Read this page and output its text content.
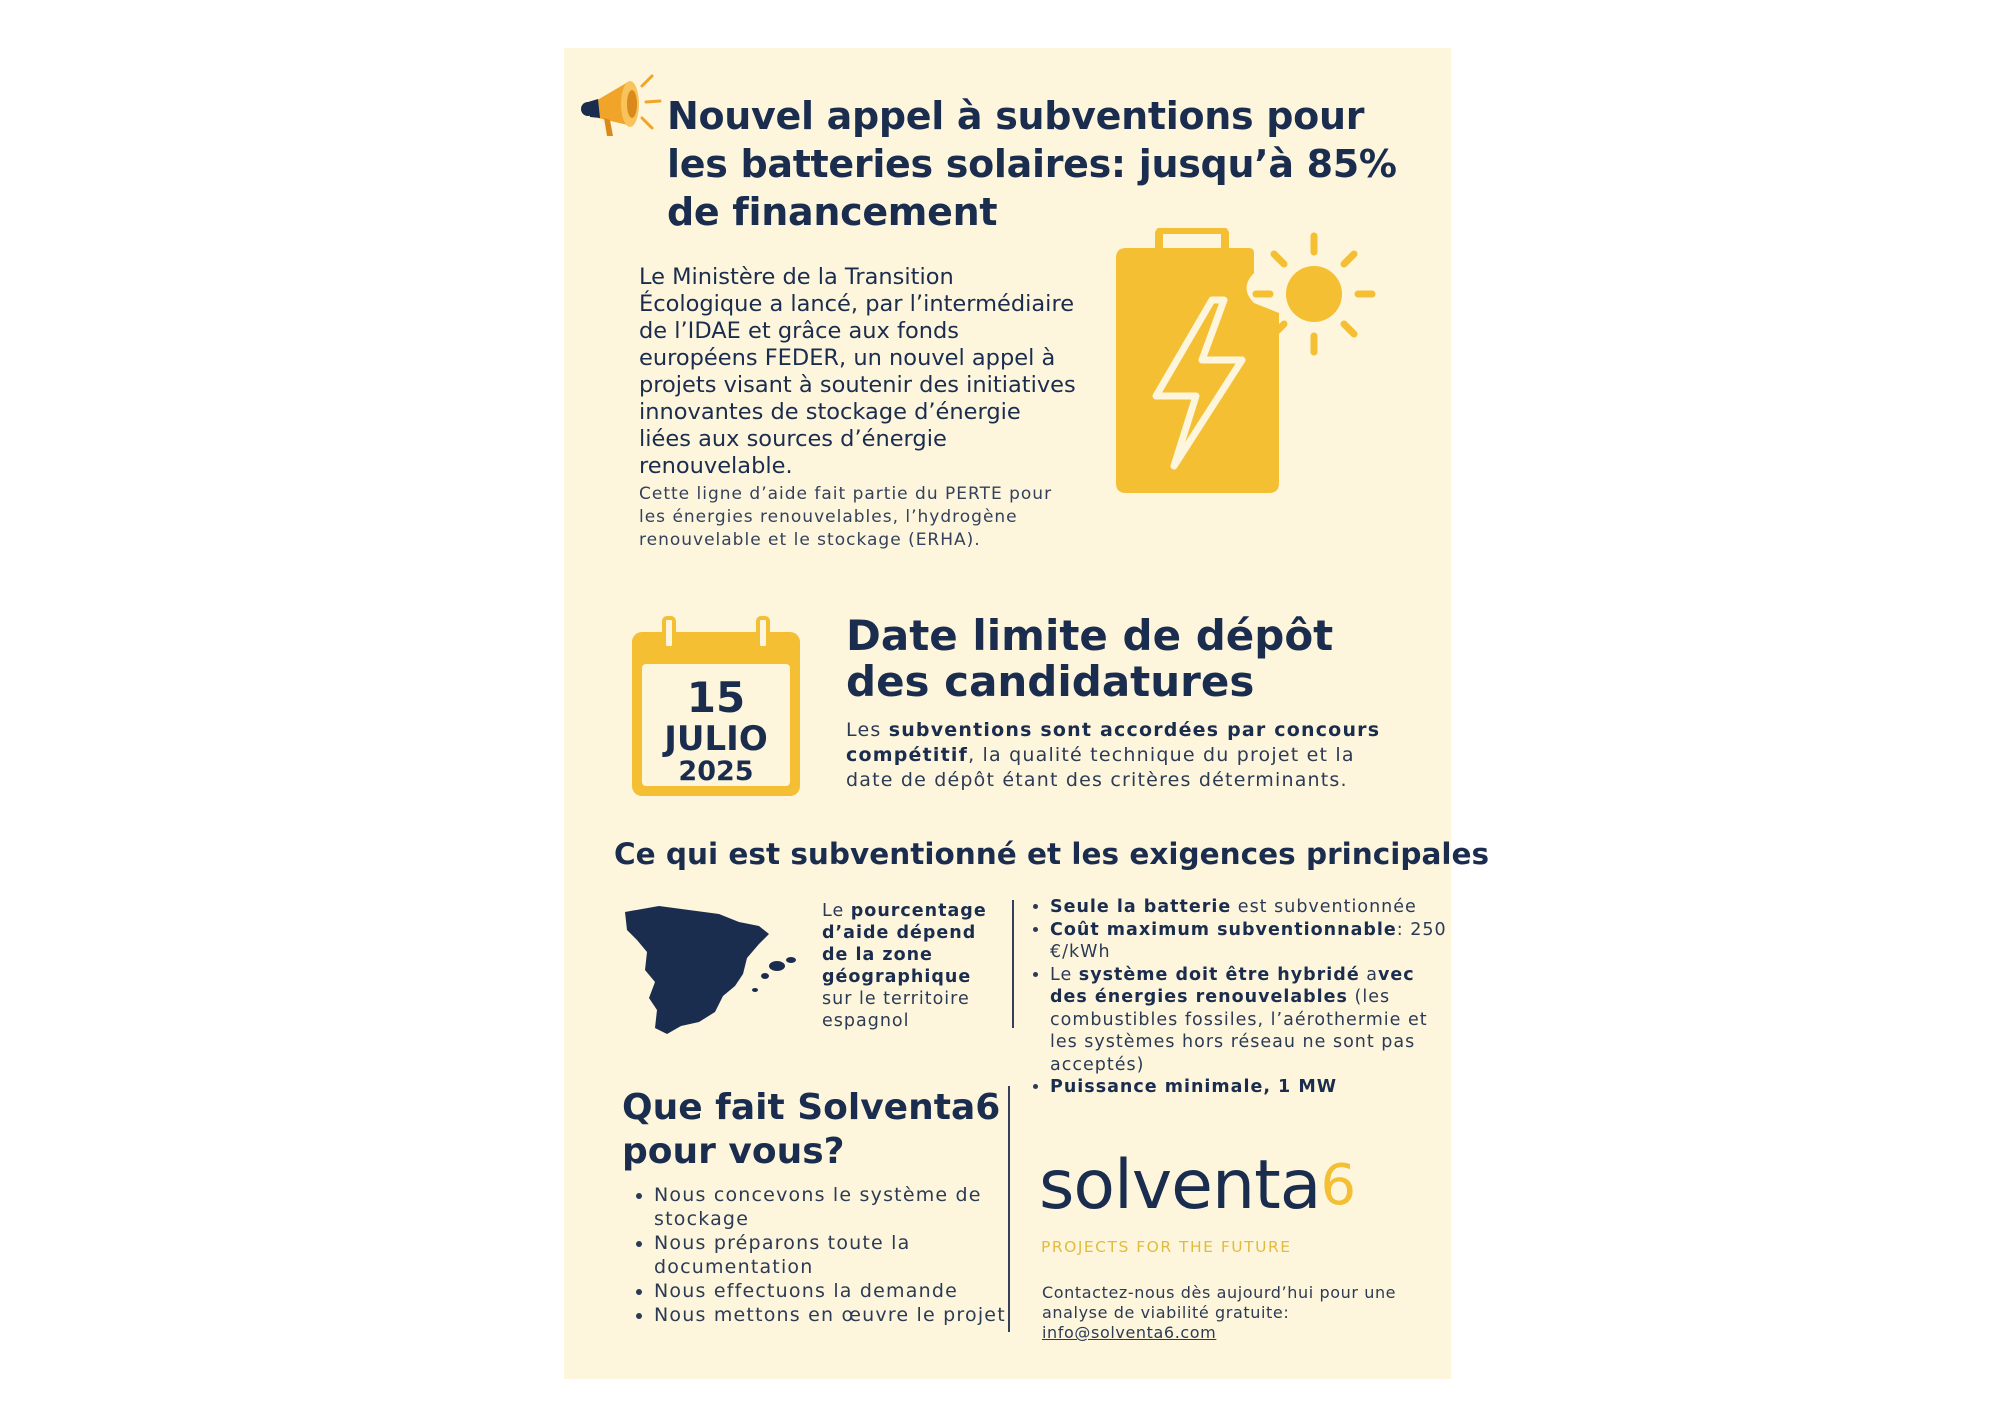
Nouvel appel à subventions pour les batteries solaires: jusqu’à 85% de financement

Le Ministère de la Transition Écologique a lancé, par l’intermédiaire de l’IDAE et grâce aux fonds européens FEDER, un nouvel appel à projets visant à soutenir des initiatives innovantes de stockage d’énergie liées aux sources d’énergie renouvelable.

Cette ligne d’aide fait partie du PERTE pour les énergies renouvelables, l’hydrogène renouvelable et le stockage (ERHA).

15
JULIO
2025
Date limite de dépôt des candidatures

Les subventions sont accordées par concours compétitif, la qualité technique du projet et la date de dépôt étant des critères déterminants.

Ce qui est subventionné et les exigences principales

Le pourcentage d’aide dépend de la zone géographique sur le territoire espagnol

• Seule la batterie est subventionnée
• Coût maximum subventionnable: 250 €/kWh
• Le système doit être hybridé avec des énergies renouvelables (les combustibles fossiles, l’aérothermie et les systèmes hors réseau ne sont pas acceptés)
• Puissance minimale, 1 MW
Que fait Solventa6 pour vous?
• Nous concevons le système de stockage
• Nous préparons toute la documentation
• Nous effectuons la demande
• Nous mettons en œuvre le projet

solventa$^6$

PROJECTS FOR THE FUTURE

Contactez-nous dès aujourd’hui pour une analyse de viabilité gratuite:
info@solventa6.com
